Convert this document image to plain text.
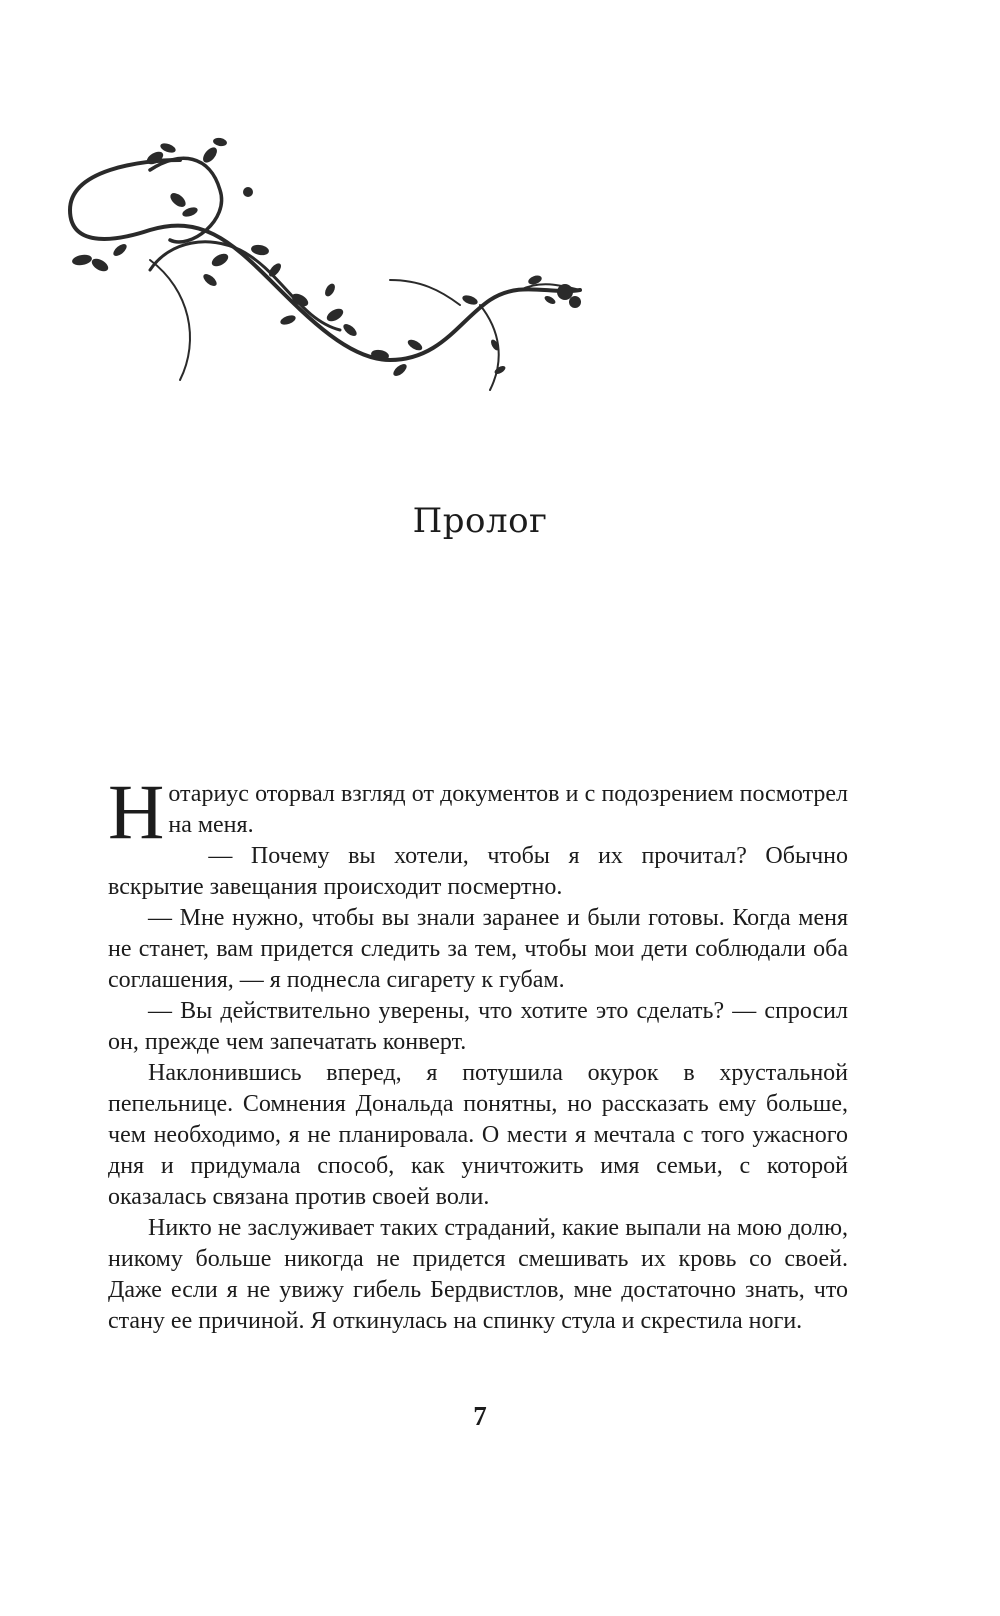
Пролог

Нотариус оторвал взгляд от документов и с подозрением посмотрел на меня.

— Почему вы хотели, чтобы я их прочитал? Обычно вскрытие завещания происходит посмертно.

— Мне нужно, чтобы вы знали заранее и были готовы. Когда меня не станет, вам придется следить за тем, чтобы мои дети соблюдали оба соглашения, — я поднесла сигарету к губам.

— Вы действительно уверены, что хотите это сделать? — спросил он, прежде чем запечатать конверт.

Наклонившись вперед, я потушила окурок в хрустальной пепельнице. Сомнения Дональда понятны, но рассказать ему больше, чем необходимо, я не планировала. О мести я мечтала с того ужасного дня и придумала способ, как уничтожить имя семьи, с которой оказалась связана против своей воли.

Никто не заслуживает таких страданий, какие выпали на мою долю, никому больше никогда не придется смешивать их кровь со своей. Даже если я не увижу гибель Бердвистлов, мне достаточно знать, что стану ее причиной. Я откинулась на спинку стула и скрестила ноги.

7
